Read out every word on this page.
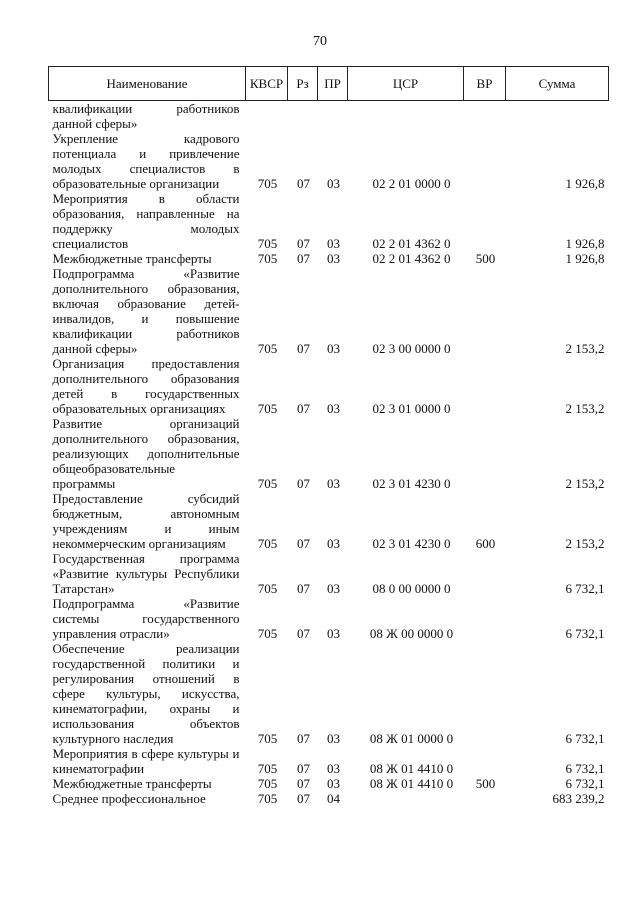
70
Наименование	КВСР	Рз	ПР	ЦСР	ВР	Сумма
квалификации работников данной сферы»						
Укрепление кадрового потенциала и привлечение молодых специалистов в образовательные организации	705	07	03	02 2 01 0000 0		1 926,8
Мероприятия в области образования, направленные на поддержку молодых специалистов	705	07	03	02 2 01 4362 0		1 926,8
Межбюджетные трансферты	705	07	03	02 2 01 4362 0	500	1 926,8
Подпрограмма «Развитие дополнительного образования, включая образование детей-инвалидов, и повышение квалификации работников данной сферы»	705	07	03	02 3 00 0000 0		2 153,2
Организация предоставления дополнительного образования детей в государственных образовательных организациях	705	07	03	02 3 01 0000 0		2 153,2
Развитие организаций дополнительного образования, реализующих дополнительные общеобразовательные программы	705	07	03	02 3 01 4230 0		2 153,2
Предоставление субсидий бюджетным, автономным учреждениям и иным некоммерческим организациям	705	07	03	02 3 01 4230 0	600	2 153,2
Государственная программа «Развитие культуры Республики Татарстан»	705	07	03	08 0 00 0000 0		6 732,1
Подпрограмма «Развитие системы государственного управления отрасли»	705	07	03	08 Ж 00 0000 0		6 732,1
Обеспечение реализации государственной политики и регулирования отношений в сфере культуры, искусства, кинематографии, охраны и использования объектов культурного наследия	705	07	03	08 Ж 01 0000 0		6 732,1
Мероприятия в сфере культуры и кинематографии	705	07	03	08 Ж 01 4410 0		6 732,1
Межбюджетные трансферты	705	07	03	08 Ж 01 4410 0	500	6 732,1
Среднее профессиональное	705	07	04			683 239,2
